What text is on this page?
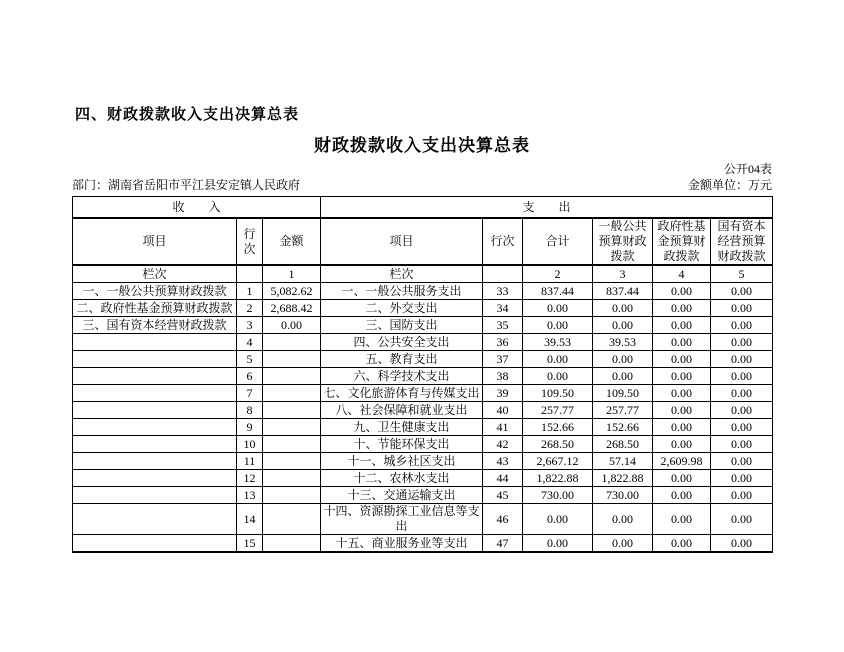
四、财政拨款收入支出决算总表
财政拨款收入支出决算总表
公开04表
部门：湖南省岳阳市平江县安定镇人民政府	金额单位：万元
收　　入			支　　出					
项目	行次	金额	项目	行次	合计	一般公共预算财政拨款	政府性基金预算财政拨款	国有资本经营预算财政拨款
栏次		1	栏次		2	3	4	5
一、一般公共预算财政拨款	1	5,082.62	一、一般公共服务支出	33	837.44	837.44	0.00	0.00
二、政府性基金预算财政拨款	2	2,688.42	二、外交支出	34	0.00	0.00	0.00	0.00
三、国有资本经营财政拨款	3	0.00	三、国防支出	35	0.00	0.00	0.00	0.00
	4		四、公共安全支出	36	39.53	39.53	0.00	0.00
	5		五、教育支出	37	0.00	0.00	0.00	0.00
	6		六、科学技术支出	38	0.00	0.00	0.00	0.00
	7		七、文化旅游体育与传媒支出	39	109.50	109.50	0.00	0.00
	8		八、社会保障和就业支出	40	257.77	257.77	0.00	0.00
	9		九、卫生健康支出	41	152.66	152.66	0.00	0.00
	10		十、节能环保支出	42	268.50	268.50	0.00	0.00
	11		十一、城乡社区支出	43	2,667.12	57.14	2,609.98	0.00
	12		十二、农林水支出	44	1,822.88	1,822.88	0.00	0.00
	13		十三、交通运输支出	45	730.00	730.00	0.00	0.00
	14		十四、资源勘探工业信息等支出	46	0.00	0.00	0.00	0.00
	15		十五、商业服务业等支出	47	0.00	0.00	0.00	0.00
